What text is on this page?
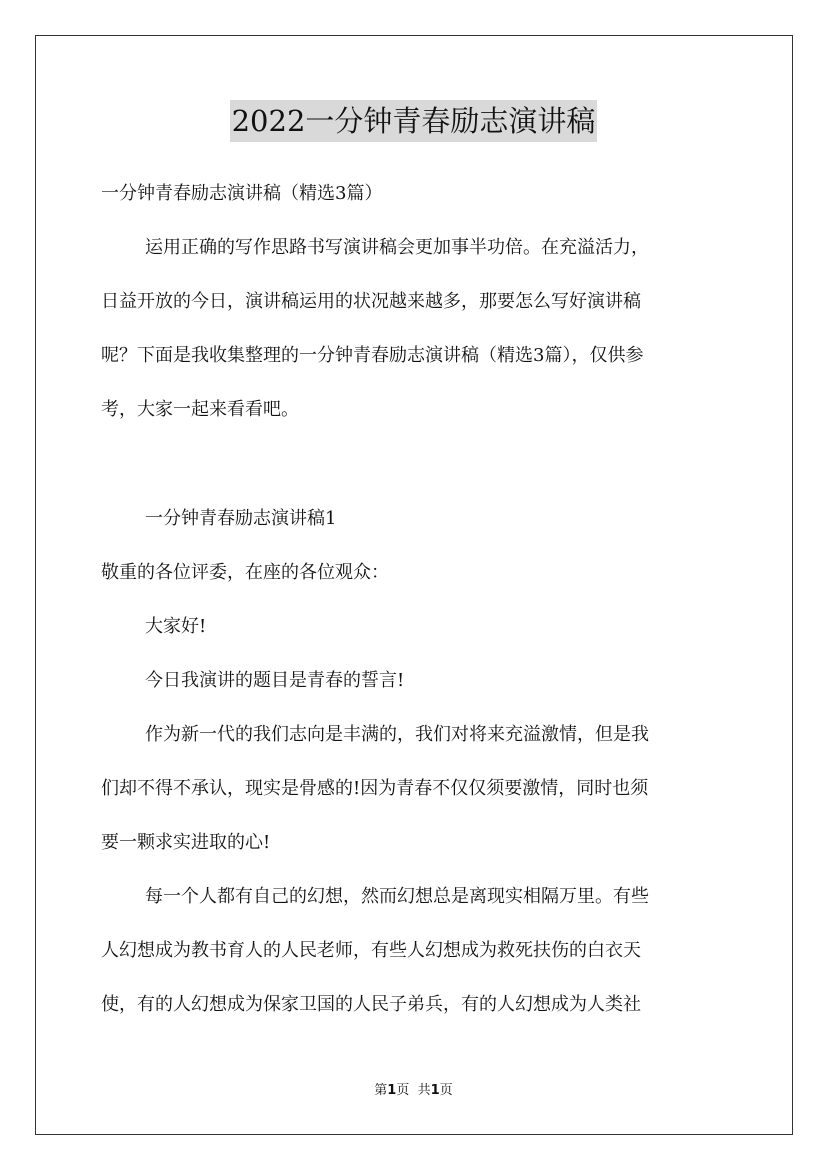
2022一分钟青春励志演讲稿
一分钟青春励志演讲稿（精选3篇）
运用正确的写作思路书写演讲稿会更加事半功倍。在充溢活力，
日益开放的今日，演讲稿运用的状况越来越多，那要怎么写好演讲稿
呢？下面是我收集整理的一分钟青春励志演讲稿（精选3篇），仅供参
考，大家一起来看看吧。
一分钟青春励志演讲稿1
敬重的各位评委，在座的各位观众：
大家好!
今日我演讲的题目是青春的誓言!
作为新一代的我们志向是丰满的，我们对将来充溢激情，但是我
们却不得不承认，现实是骨感的!因为青春不仅仅须要激情，同时也须
要一颗求实进取的心!
每一个人都有自己的幻想，然而幻想总是离现实相隔万里。有些
人幻想成为教书育人的人民老师，有些人幻想成为救死扶伤的白衣天
使，有的人幻想成为保家卫国的人民子弟兵，有的人幻想成为人类社
第1页 共1页
